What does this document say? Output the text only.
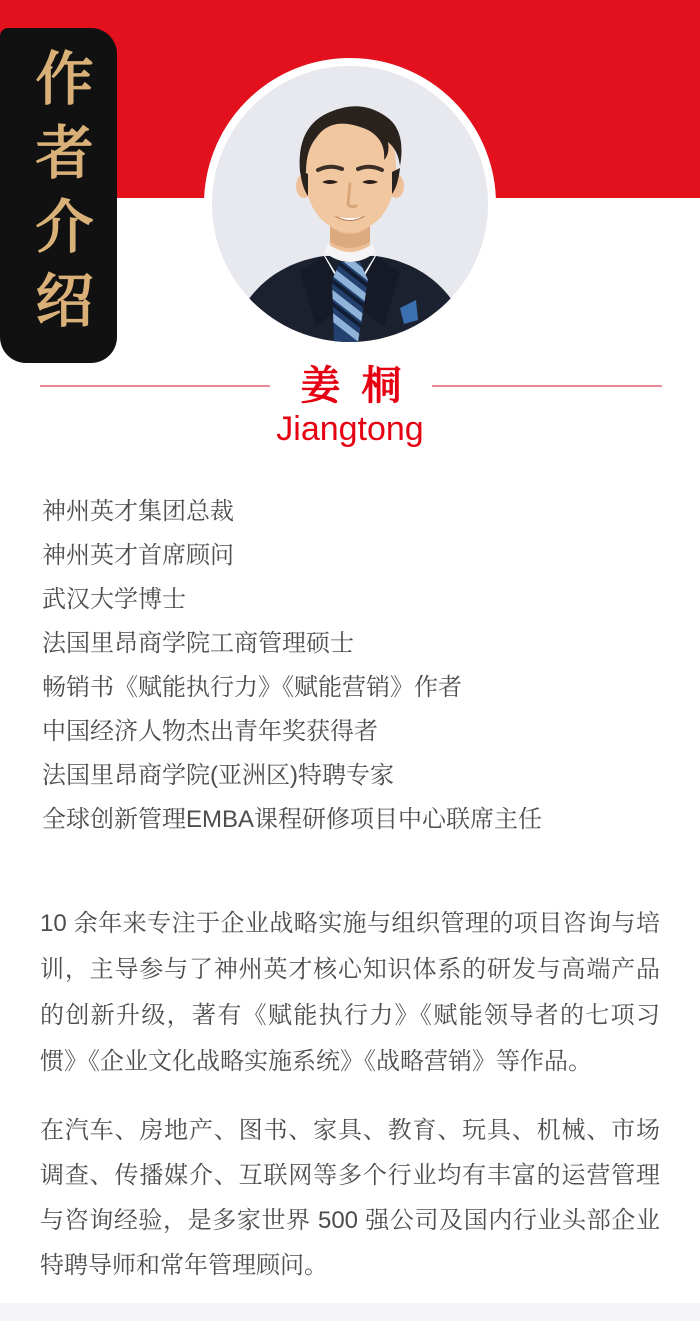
作者介绍
姜 桐
Jiangtong
神州英才集团总裁
神州英才首席顾问
武汉大学博士
法国里昂商学院工商管理硕士
畅销书《赋能执行力》《赋能营销》作者
中国经济人物杰出青年奖获得者
法国里昂商学院(亚洲区)特聘专家
全球创新管理EMBA课程研修项目中心联席主任

10 余年来专注于企业战略实施与组织管理的项目咨询与培训，主导参与了神州英才核心知识体系的研发与高端产品的创新升级，著有《赋能执行力》《赋能领导者的七项习惯》《企业文化战略实施系统》《战略营销》等作品。

在汽车、房地产、图书、家具、教育、玩具、机械、市场调查、传播媒介、互联网等多个行业均有丰富的运营管理与咨询经验，是多家世界 500 强公司及国内行业头部企业特聘导师和常年管理顾问。
